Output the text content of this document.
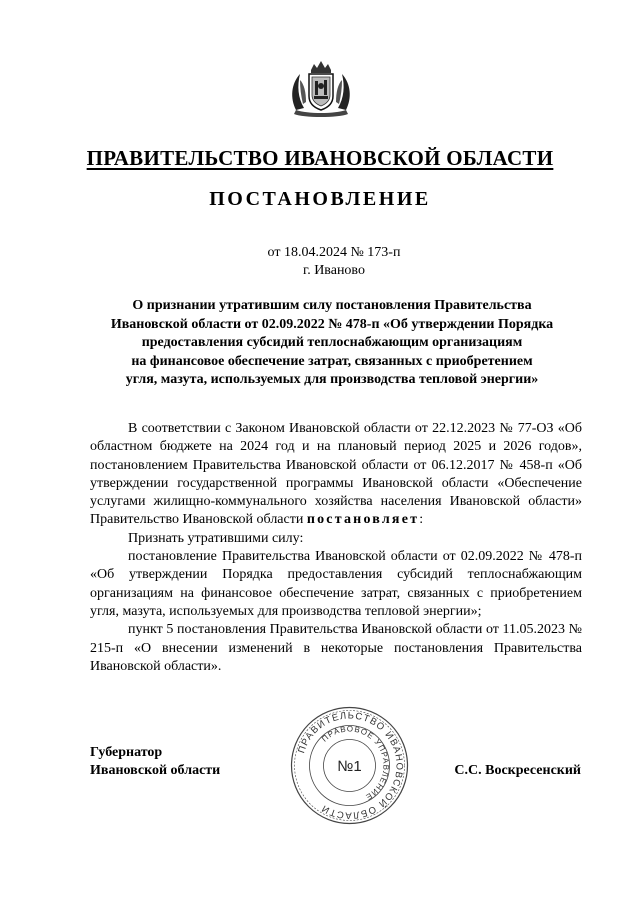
ПРАВИТЕЛЬСТВО ИВАНОВСКОЙ ОБЛАСТИ
ПОСТАНОВЛЕНИЕ
от 18.04.2024 № 173-п
г. Иваново
О признании утратившим силу постановления Правительства
Ивановской области от 02.09.2022 № 478-п «Об утверждении Порядка
предоставления субсидий теплоснабжающим организациям
на финансовое обеспечение затрат, связанных с приобретением
угля, мазута, используемых для производства тепловой энергии»

В соответствии с Законом Ивановской области от 22.12.2023 № 77-ОЗ «Об областном бюджете на 2024 год и на плановый период 2025 и 2026 годов», постановлением Правительства Ивановской области от 06.12.2017 № 458-п «Об утверждении государственной программы Ивановской области «Обеспечение услугами жилищно-коммунального хозяйства населения Ивановской области» Правительство Ивановской области постановляет:

Признать утратившими силу:

постановление Правительства Ивановской области от 02.09.2022 № 478-п «Об утверждении Порядка предоставления субсидий теплоснабжающим организациям на финансовое обеспечение затрат, связанных с приобретением угля, мазута, используемых для производства тепловой энергии»;

пункт 5 постановления Правительства Ивановской области от 11.05.2023 № 215-п «О внесении изменений в некоторые постановления Правительства Ивановской области».

ПРАВИТЕЛЬСТВО ИВАНОВСКОЙ ОБЛАСТИ
ПРАВОВОЕ УПРАВЛЕНИЕ
№1
Губернатор
Ивановской области	С.С. Воскресенский
